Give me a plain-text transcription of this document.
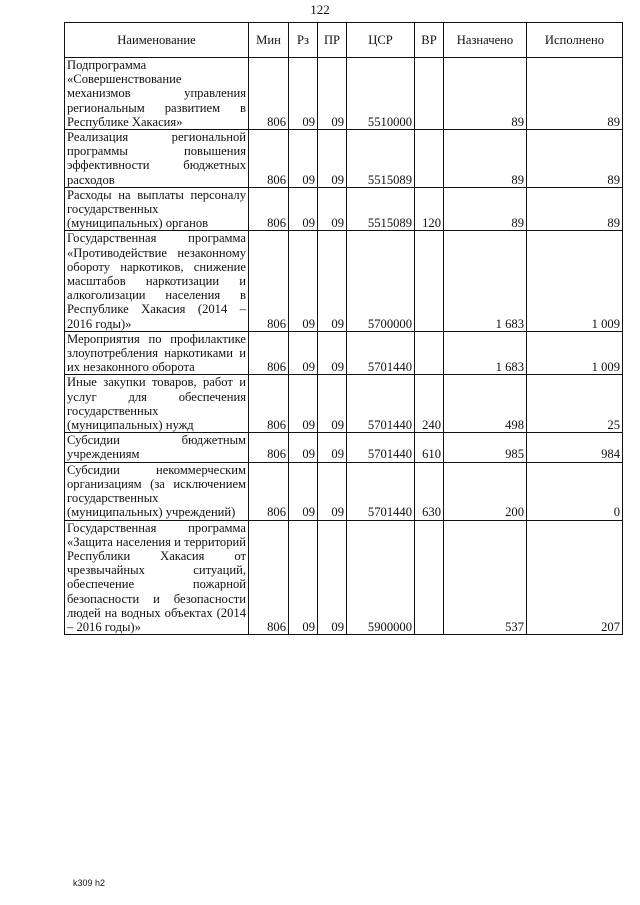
122
Наименование	Мин	Рз	ПР	ЦСР	ВР	Назначено	Исполнено
Подпрограмма «Совершенствование механизмов управления региональным развитием в Республике Хакасия»	806	09	09	5510000		89	89
Реализация региональной программы повышения эффективности бюджетных расходов	806	09	09	5515089		89	89
Расходы на выплаты персоналу государственных (муниципальных) органов	806	09	09	5515089	120	89	89
Государственная программа «Противодействие незаконному обороту наркотиков, снижение масштабов наркотизации и алкоголизации населения в Республике Хакасия (2014 – 2016 годы)»	806	09	09	5700000		1 683	1 009
Мероприятия по профилактике злоупотребления наркотиками и их незаконного оборота	806	09	09	5701440		1 683	1 009
Иные закупки товаров, работ и услуг для обеспечения государственных (муниципальных) нужд	806	09	09	5701440	240	498	25
Субсидии бюджетным учреждениям	806	09	09	5701440	610	985	984
Субсидии некоммерческим организациям (за исключением государственных (муниципальных) учреждений)	806	09	09	5701440	630	200	0
Государственная программа «Защита населения и территорий Республики Хакасия от чрезвычайных ситуаций, обеспечение пожарной безопасности и безопасности людей на водных объектах (2014 – 2016 годы)»	806	09	09	5900000		537	207
k309 h2
